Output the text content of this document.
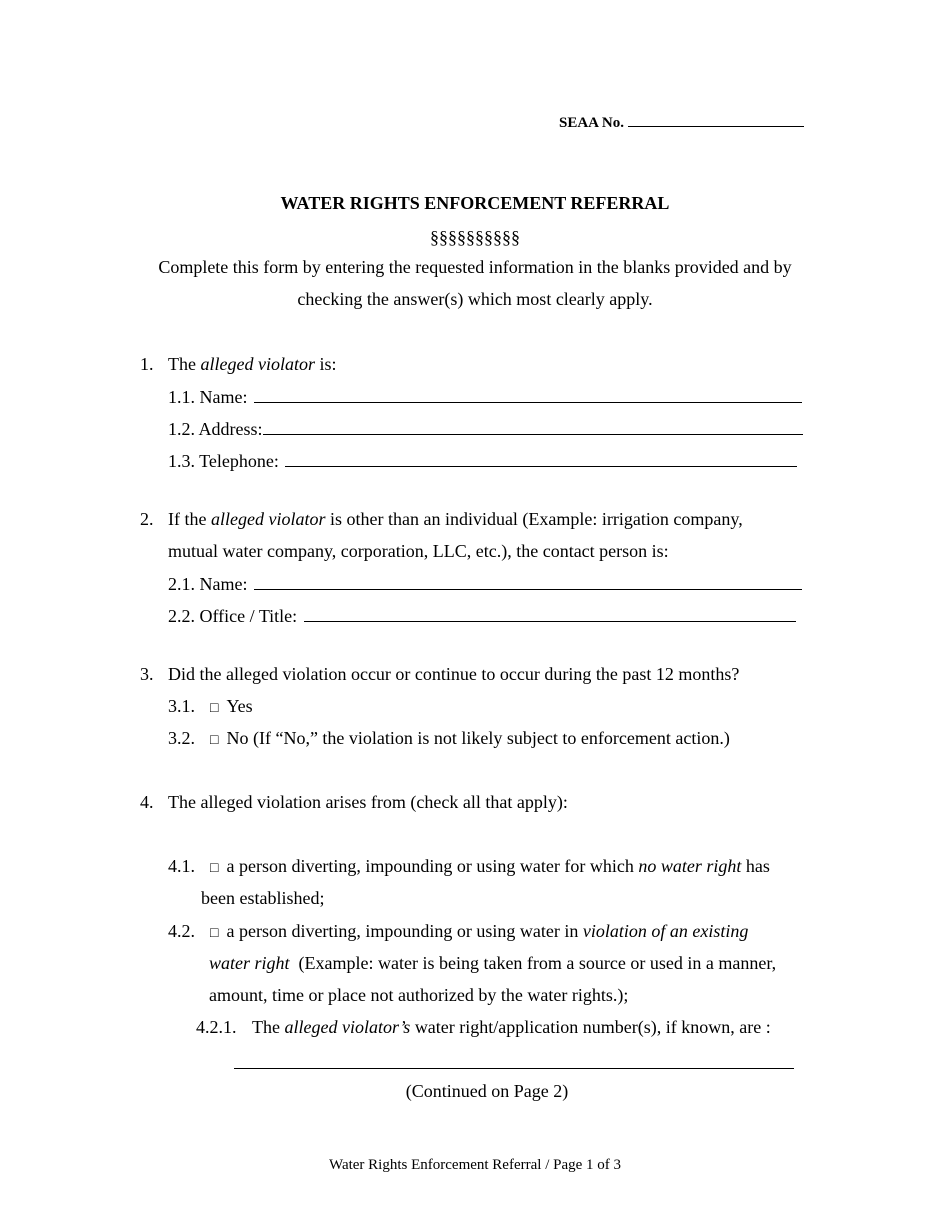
SEAA No.
WATER RIGHTS ENFORCEMENT REFERRAL
§§§§§§§§§§
Complete this form by entering the requested information in the blanks provided and by
checking the answer(s) which most clearly apply.
1. The alleged violator is:
1.1. Name:
1.2. Address:
1.3. Telephone:
2. If the alleged violator is other than an individual (Example: irrigation company,
mutual water company, corporation, LLC, etc.), the contact person is:
2.1. Name:
2.2. Office / Title:
3. Did the alleged violation occur or continue to occur during the past 12 months?
3.1. □ Yes
3.2. □ No (If “No,” the violation is not likely subject to enforcement action.)
4. The alleged violation arises from (check all that apply):
4.1. □ a person diverting, impounding or using water for which no water right has
been established;
4.2. □ a person diverting, impounding or using water in violation of an existing
water right  (Example: water is being taken from a source or used in a manner,
amount, time or place not authorized by the water rights.);
4.2.1. The alleged violator’s water right/application number(s), if known, are :
(Continued on Page 2)
Water Rights Enforcement Referral / Page 1 of 3
